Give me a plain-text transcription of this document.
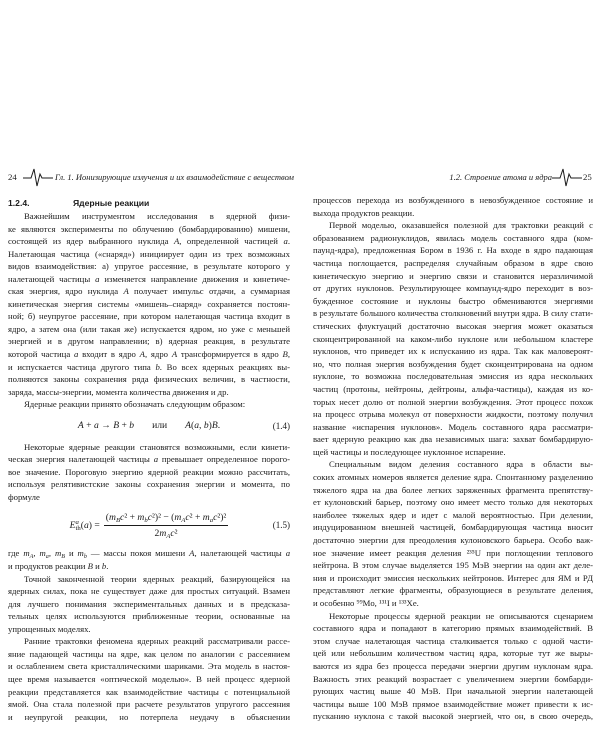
24	Гл. 1. Ионизирующие излучения и их взаимодействие с веществом	1.2. Строение атома и ядра	25
1.2.4.	Ядерные реакции
Важнейшим инструментом исследования в ядерной физи-
ке являются эксперименты по облучению (бомбардированию) мишени,
состоящей из ядер выбранного нуклида A, определенной частицей a.
Налетающая частица («снаряд») инициирует один из трех возможных
видов взаимодействия: а) упругое рассеяние, в результате которого у
налетающей частицы a изменяется направление движения и кинетиче-
ская энергия, ядро нуклида A получает импульс отдачи, а суммарная
кинетическая энергия системы «мишень–снаряд» сохраняется постоян-
ной; б) неупругое рассеяние, при котором налетающая частица входит в
ядро, а затем она (или такая же) испускается ядром, но уже с меньшей
энергией и в другом направлении; в) ядерная реакция, в результате
которой частица a входит в ядро A, ядро A трансформируется в ядро B,
и испускается частица другого типа b. Во всех ядерных реакциях вы-
полняются законы сохранения ряда физических величин, в частности,
заряда, массы-энергии, момента количества движения и др.
Ядерные реакции принято обозначать следующим образом:
A + a → B + b или A(a, b)B.	(1.4)
Некоторые ядерные реакции становятся возможными, если кинети-
ческая энергия налетающей частицы a превышает определенное порого-
вое значение. Пороговую энергию ядерной реакции можно рассчитать,
используя релятивистские законы сохранения энергии и момента, по
формуле
$Ea_{th}(a) = \frac{(m_Bc^2 + m_bc^2)^2 - (m_Ac^2 + m_ac^2)^2}{2m_Ac^2}$	(1.5)
где $m_A$, $m_a$, $m_B$ и $m_b$ — массы покоя мишени A, налетающей частицы a
и продуктов реакции B и b.
Точной законченной теории ядерных реакций, базирующейся на
ядерных силах, пока не существует даже для простых ситуаций. Взамен
для лучшего понимания экспериментальных данных и в предсказа-
тельных целях используются приближенные теории, основанные на
упрощенных моделях.
Ранние трактовки феномена ядерных реакций рассматривали рассе-
яние падающей частицы на ядре, как целом по аналогии с рассеянием
и ослаблением света кристаллическими шариками. Эта модель в настоя-
щее время называется «оптической моделью». В ней процесс ядерной
реакции представляется как взаимодействие частицы с потенциальной
ямой. Она стала полезной при расчете результатов упругого рассеяния
и неупругой реакции, но потерпела неудачу в объяснении
процессов перехода из возбужденного в невозбужденное состояние и
выхода продуктов реакции.
Первой моделью, оказавшейся полезной для трактовки реакций с
образованием радионуклидов, явилась модель составного ядра (ком-
паунд-ядра), предложенная Бором в 1936 г. На входе в ядро падающая
частица поглощается, распределяя случайным образом в ядре свою
кинетическую энергию и энергию связи и становится неразличимой
от других нуклонов. Результирующее компаунд-ядро переходит в воз-
бужденное состояние и нуклоны быстро обмениваются энергиями
в результате большого количества столкновений внутри ядра. В силу стати-
стических флуктуаций достаточно высокая энергия может оказаться
сконцентрированной на каком-либо нуклоне или небольшом кластере
нуклонов, что приведет их к испусканию из ядра. Так как маловероят-
но, что полная энергия возбуждения будет сконцентрирована на одном
нуклоне, то возможна последовательная эмиссия из ядра нескольких
частиц (протоны, нейтроны, дейтроны, альфа-частицы), каждая из ко-
торых несет долю от полной энергии возбуждения. Этот процесс похож
на процесс отрыва молекул от поверхности жидкости, поэтому получил
название «испарения нуклонов». Модель составного ядра рассматри-
вает ядерную реакцию как два независимых шага: захват бомбардирую-
щей частицы и последующее нуклонное испарение.
Специальным видом деления составного ядра в области вы-
соких атомных номеров является деление ядра. Спонтанному разделению
тяжелого ядра на два более легких заряженных фрагмента препятству-
ет кулоновский барьер, поэтому оно имеет место только для некоторых
наиболее тяжелых ядер и идет с малой вероятностью. При делении,
индуцированном внешней частицей, бомбардирующая частица вносит
достаточно энергии для преодоления кулоновского барьера. Особо важ-
ное значение имеет реакция деления ²³⁵U при поглощении теплового
нейтрона. В этом случае выделяется 195 МэВ энергии на один акт деле-
ния и происходит эмиссия нескольких нейтронов. Интерес для ЯМ и РД
представляют легкие фрагменты, образующиеся в результате деления,
и особенно ⁹⁹Mo, ¹³¹I и ¹³³Xe.
Некоторые процессы ядерной реакции не описываются сценарием
составного ядра и попадают в категорию прямых взаимодействий. В
этом случае налетающая частица сталкивается только с одной части-
цей или небольшим количеством частиц ядра, которые тут же выры-
ваются из ядра без процесса передачи энергии другим нуклонам ядра.
Важность этих реакций возрастает с увеличением энергии бомбарди-
рующих частиц выше 40 МэВ. При начальной энергии налетающей
частицы выше 100 МэВ прямое взаимодействие может привести к ис-
пусканию нуклона с такой высокой энергией, что он, в свою очередь,
